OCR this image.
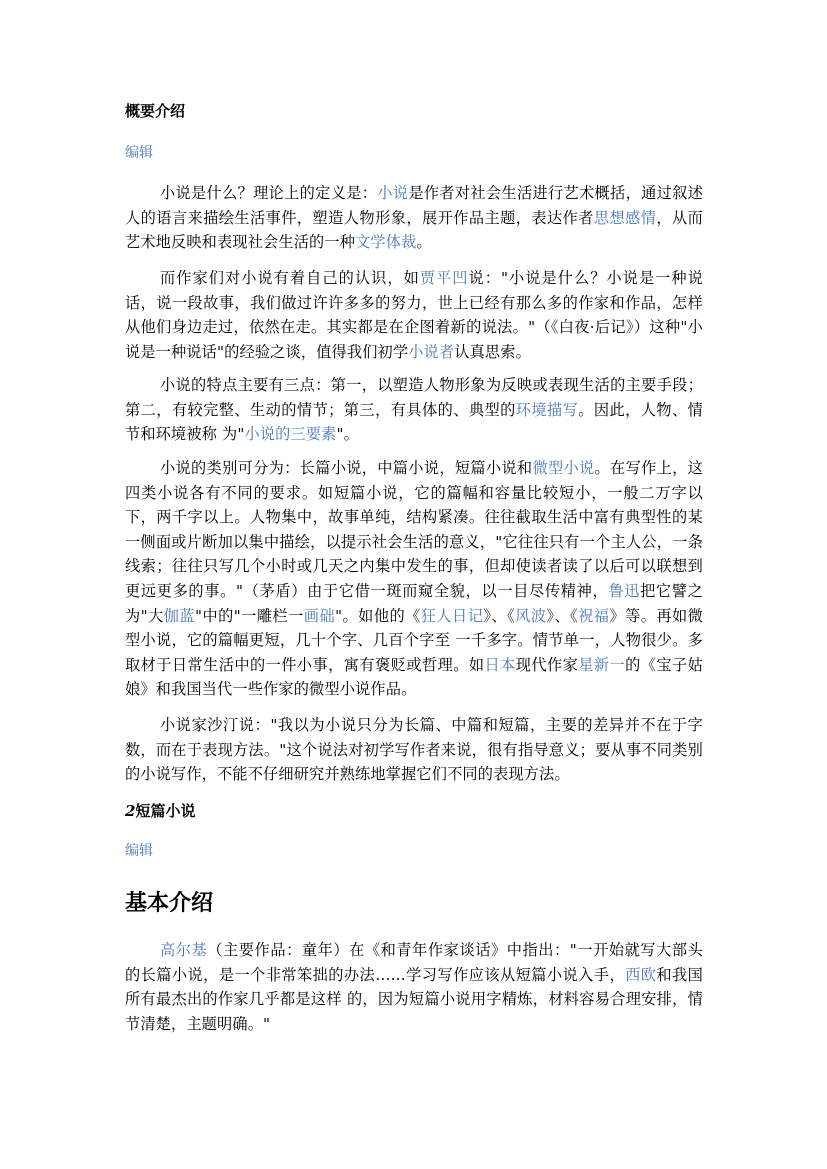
概要介绍
编辑
小说是什么？理论上的定义是：小说是作者对社会生活进行艺术概括，通过叙述人的语言来描绘生活事件，塑造人物形象，展开作品主题，表达作者思想感情，从而艺术地反映和表现社会生活的一种文学体裁。
而作家们对小说有着自己的认识，如贾平凹说："小说是什么？小说是一种说话，说一段故事，我们做过许许多多的努力，世上已经有那么多的作家和作品，怎样从他们身边走过，依然在走。其实都是在企图着新的说法。"（《白夜·后记》）这种"小说是一种说话"的经验之谈，值得我们初学小说者认真思索。
小说的特点主要有三点：第一，以塑造人物形象为反映或表现生活的主要手段；第二，有较完整、生动的情节；第三，有具体的、典型的环境描写。因此，人物、情节和环境被称 为"小说的三要素"。
小说的类别可分为：长篇小说，中篇小说，短篇小说和微型小说。在写作上，这四类小说各有不同的要求。如短篇小说，它的篇幅和容量比较短小，一般二万字以下，两千字以上。人物集中，故事单纯，结构紧凑。往往截取生活中富有典型性的某一侧面或片断加以集中描绘，以提示社会生活的意义，"它往往只有一个主人公，一条线索；往往只写几个小时或几天之内集中发生的事，但却使读者读了以后可以联想到更远更多的事。"（茅盾）由于它借一斑而窥全貌，以一目尽传精神，鲁迅把它譬之为"大伽蓝"中的"一雕栏一画础"。如他的《狂人日记》、《风波》、《祝福》等。再如微型小说，它的篇幅更短，几十个字、几百个字至 一千多字。情节单一，人物很少。多取材于日常生活中的一件小事，寓有褒贬或哲理。如日本现代作家星新一的《宝子姑娘》和我国当代一些作家的微型小说作品。
小说家沙汀说："我以为小说只分为长篇、中篇和短篇，主要的差异并不在于字数，而在于表现方法。"这个说法对初学写作者来说，很有指导意义；要从事不同类别的小说写作，不能不仔细研究并熟练地掌握它们不同的表现方法。
2短篇小说
编辑
基本介绍
高尔基（主要作品：童年）在《和青年作家谈话》中指出："一开始就写大部头的长篇小说，是一个非常笨拙的办法……学习写作应该从短篇小说入手，西欧和我国所有最杰出的作家几乎都是这样 的，因为短篇小说用字精炼，材料容易合理安排，情节清楚，主题明确。"
